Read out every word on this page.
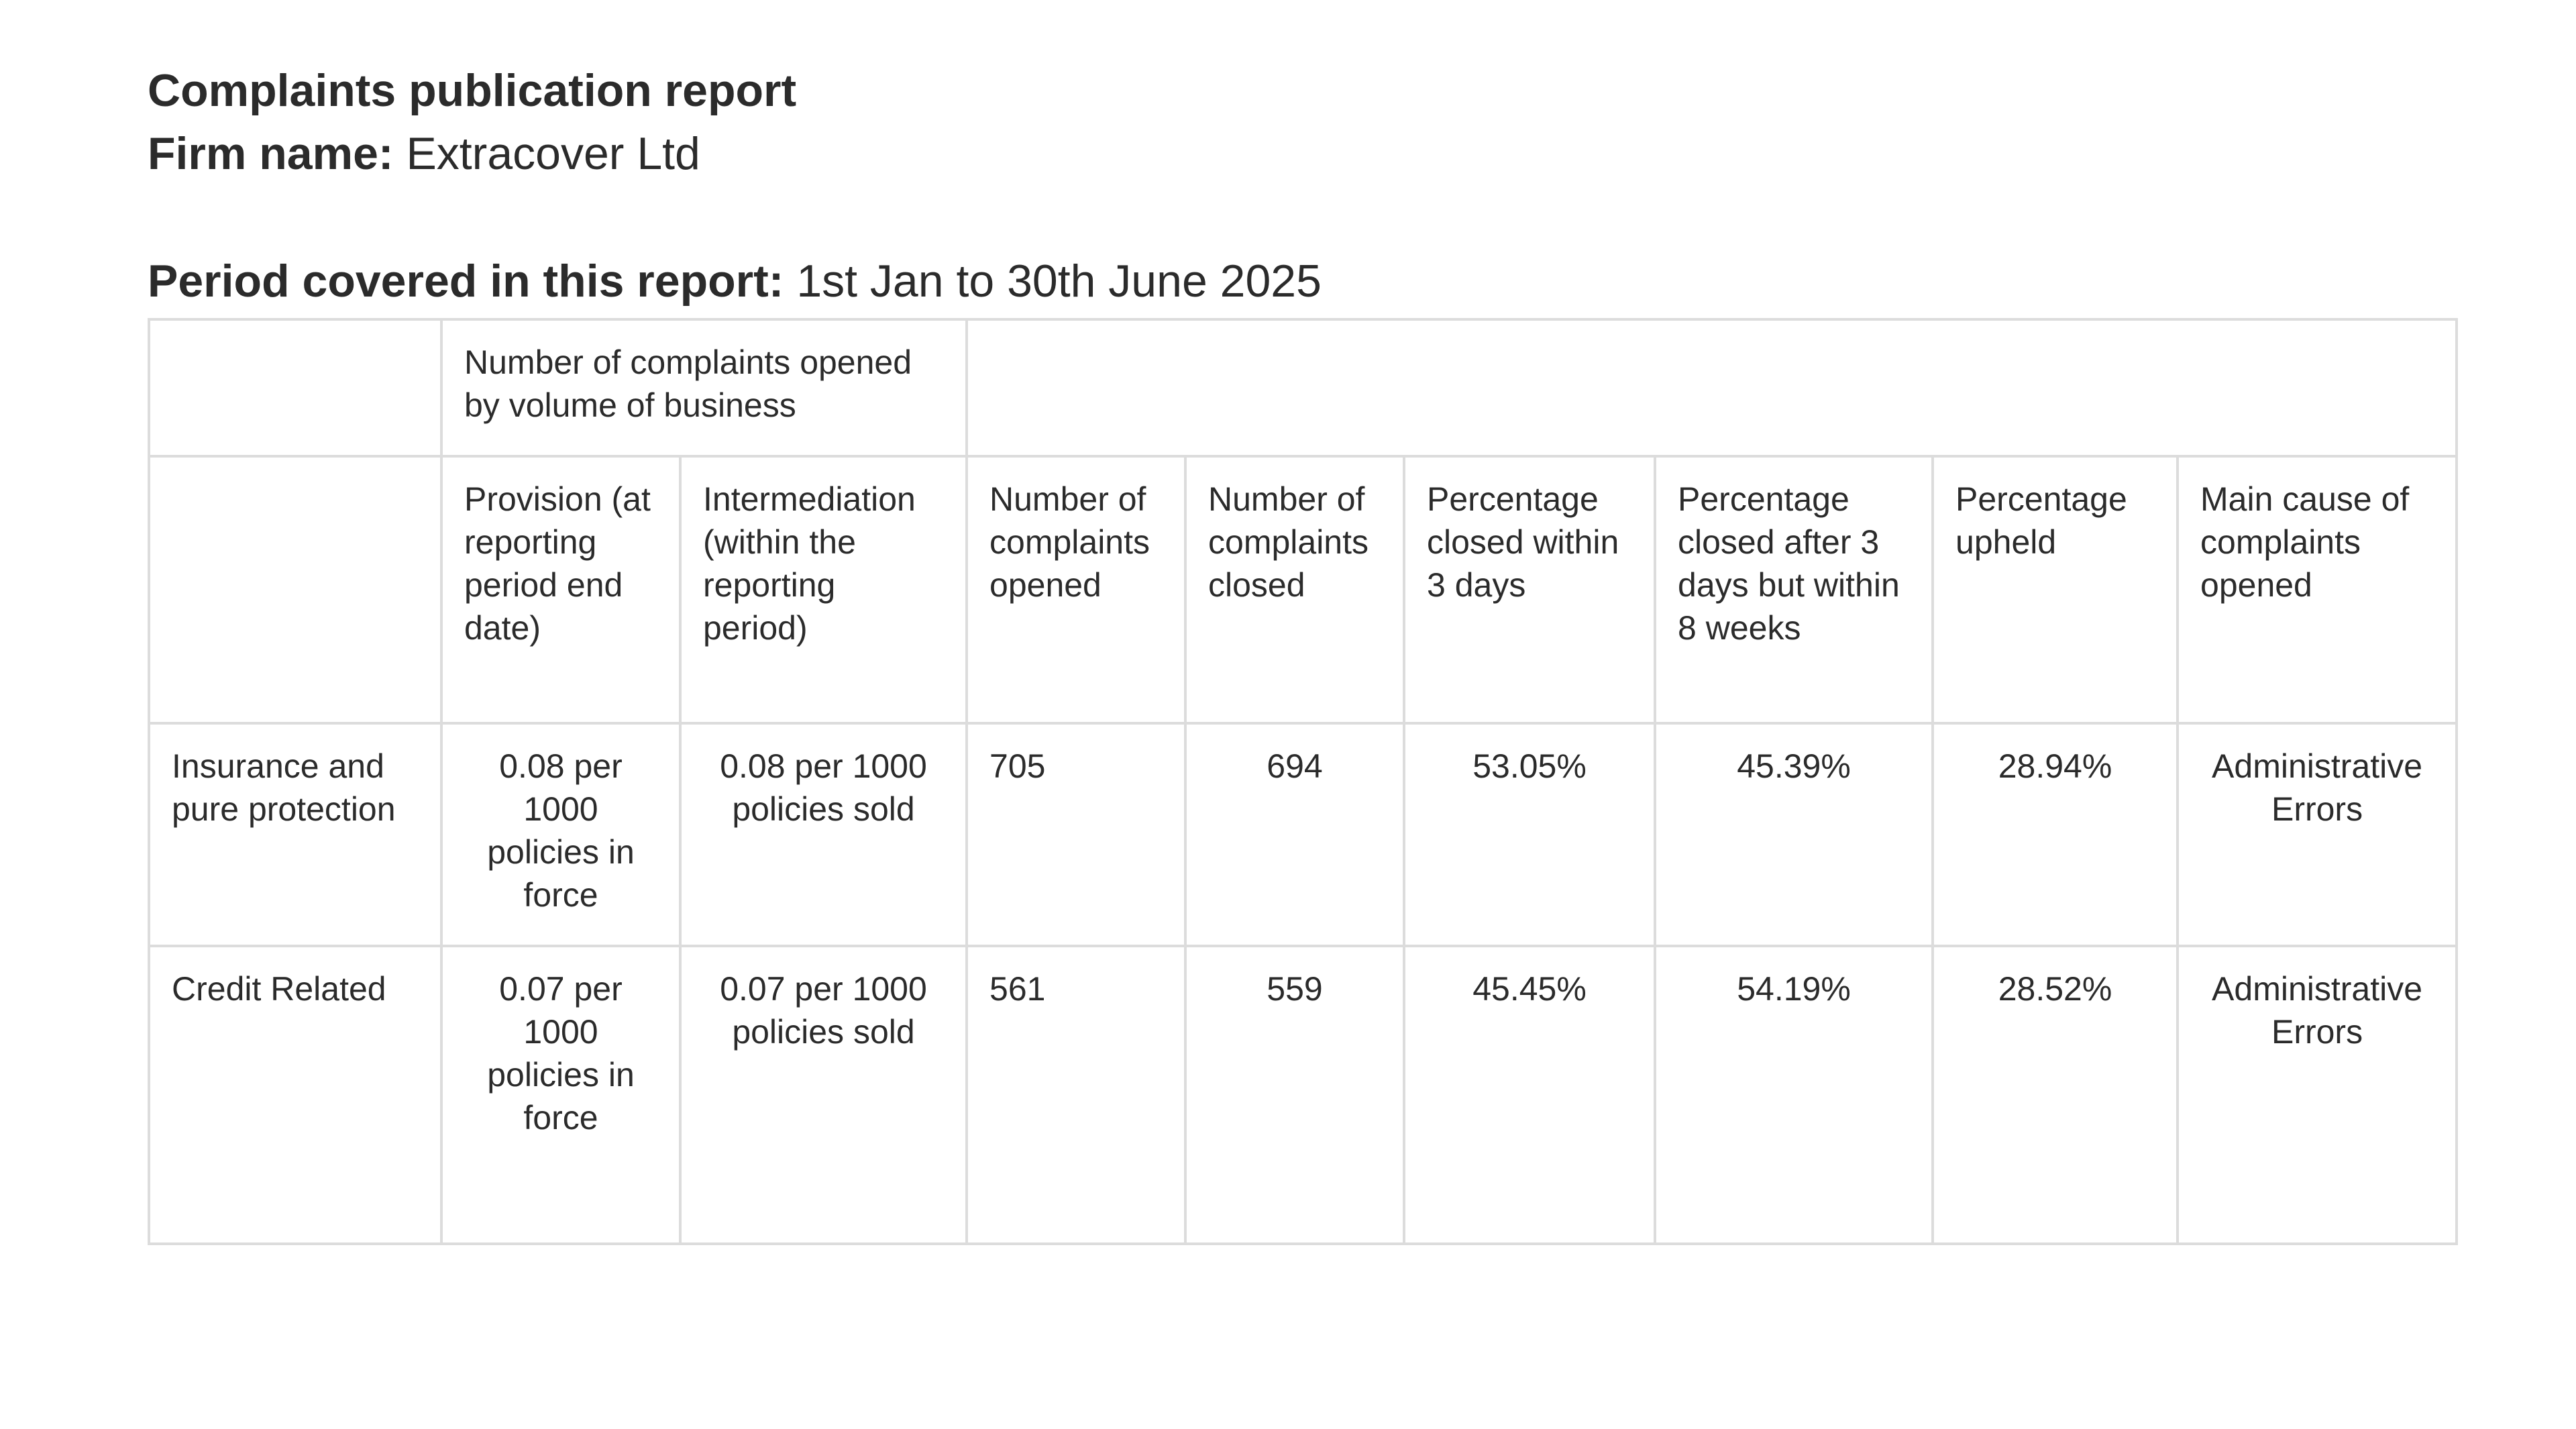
Complaints publication report

Firm name: Extracover Ltd

Period covered in this report: 1st Jan to 30th June 2025

	Number of complaints opened by volume of business							
	Provision (at reporting period end date)	Intermediation (within the reporting period)	Number of complaints opened	Number of complaints closed	Percentage closed within 3 days	Percentage closed after 3 days but within 8 weeks	Percentage upheld	Main cause of complaints opened
Insurance and pure protection	0.08 per 1000 policies in force	0.08 per 1000 policies sold	705	694	53.05%	45.39%	28.94%	Administrative Errors
Credit Related	0.07 per 1000 policies in force	0.07 per 1000 policies sold	561	559	45.45%	54.19%	28.52%	Administrative Errors
